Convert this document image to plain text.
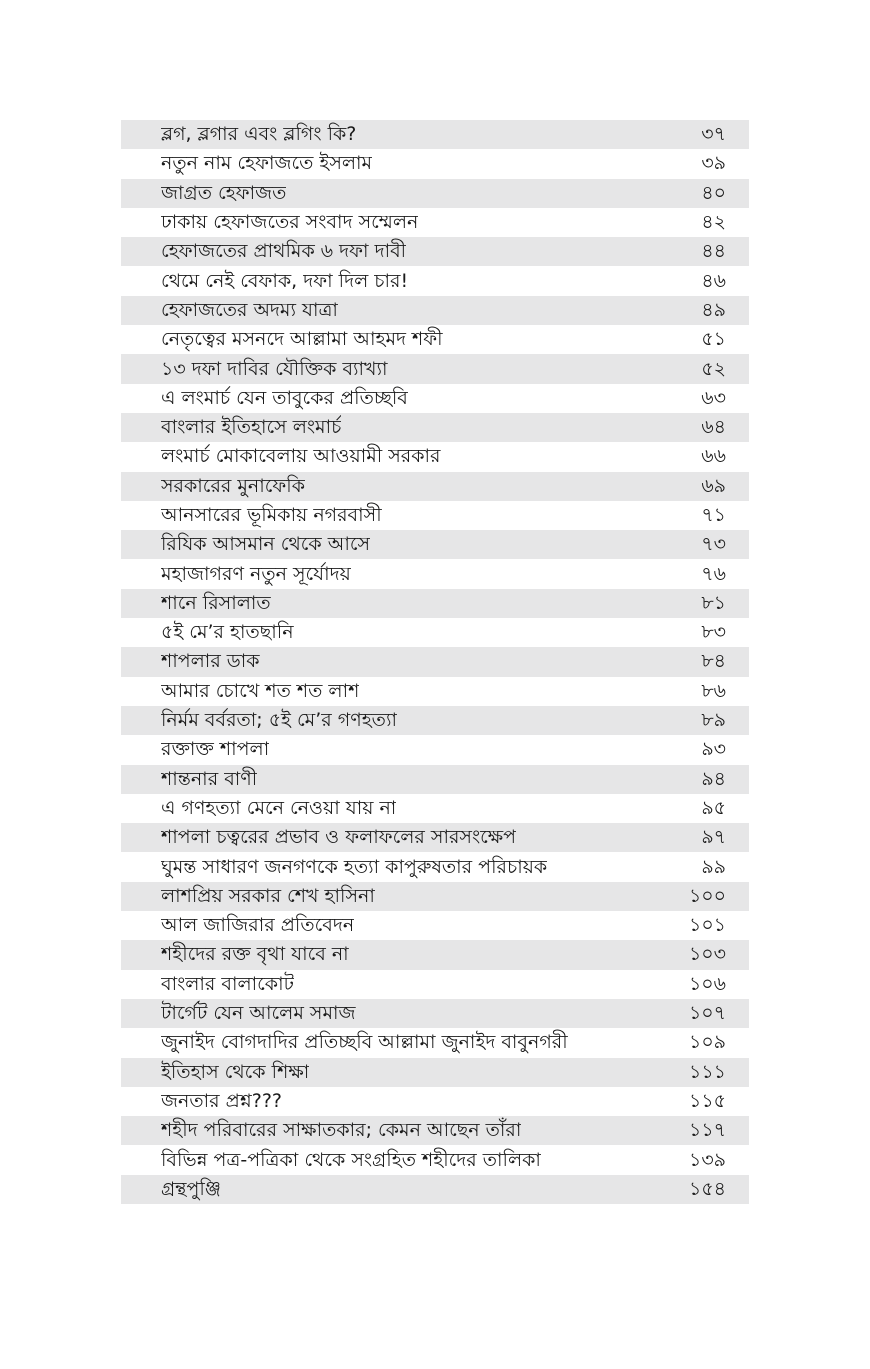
ব্লগ, ব্লগার এবং ব্লগিং কি?	৩৭
নতুন নাম হেফাজতে ইসলাম	৩৯
জাগ্রত হেফাজত	৪০
ঢাকায় হেফাজতের সংবাদ সম্মেলন	৪২
হেফাজতের প্রাথমিক ৬ দফা দাবী	৪৪
থেমে নেই বেফাক, দফা দিল চার!	৪৬
হেফাজতের অদম্য যাত্রা	৪৯
নেতৃত্বের মসনদে আল্লামা আহমদ শফী	৫১
১৩ দফা দাবির যৌক্তিক ব্যাখ্যা	৫২
এ লংমার্চ যেন তাবুকের প্রতিচ্ছবি	৬৩
বাংলার ইতিহাসে লংমার্চ	৬৪
লংমার্চ মোকাবেলায় আওয়ামী সরকার	৬৬
সরকারের মুনাফেকি	৬৯
আনসারের ভূমিকায় নগরবাসী	৭১
রিযিক আসমান থেকে আসে	৭৩
মহাজাগরণ নতুন সূর্যোদয়	৭৬
শানে রিসালাত	৮১
৫ই মে’র হাতছানি	৮৩
শাপলার ডাক	৮৪
আমার চোখে শত শত লাশ	৮৬
নির্মম বর্বরতা; ৫ই মে’র গণহত্যা	৮৯
রক্তাক্ত শাপলা	৯৩
শান্তনার বাণী	৯৪
এ গণহত্যা মেনে নেওয়া যায় না	৯৫
শাপলা চত্বরের প্রভাব ও ফলাফলের সারসংক্ষেপ	৯৭
ঘুমন্ত সাধারণ জনগণকে হত্যা কাপুরুষতার পরিচায়ক	৯৯
লাশপ্রিয় সরকার শেখ হাসিনা	১০০
আল জাজিরার প্রতিবেদন	১০১
শহীদের রক্ত বৃথা যাবে না	১০৩
বাংলার বালাকোট	১০৬
টার্গেট যেন আলেম সমাজ	১০৭
জুনাইদ বোগদাদির প্রতিচ্ছবি আল্লামা জুনাইদ বাবুনগরী	১০৯
ইতিহাস থেকে শিক্ষা	১১১
জনতার প্রশ্ন???	১১৫
শহীদ পরিবারের সাক্ষাতকার; কেমন আছেন তাঁরা	১১৭
বিভিন্ন পত্র-পত্রিকা থেকে সংগ্রহিত শহীদের তালিকা	১৩৯
গ্রন্থপুঞ্জি	১৫৪
